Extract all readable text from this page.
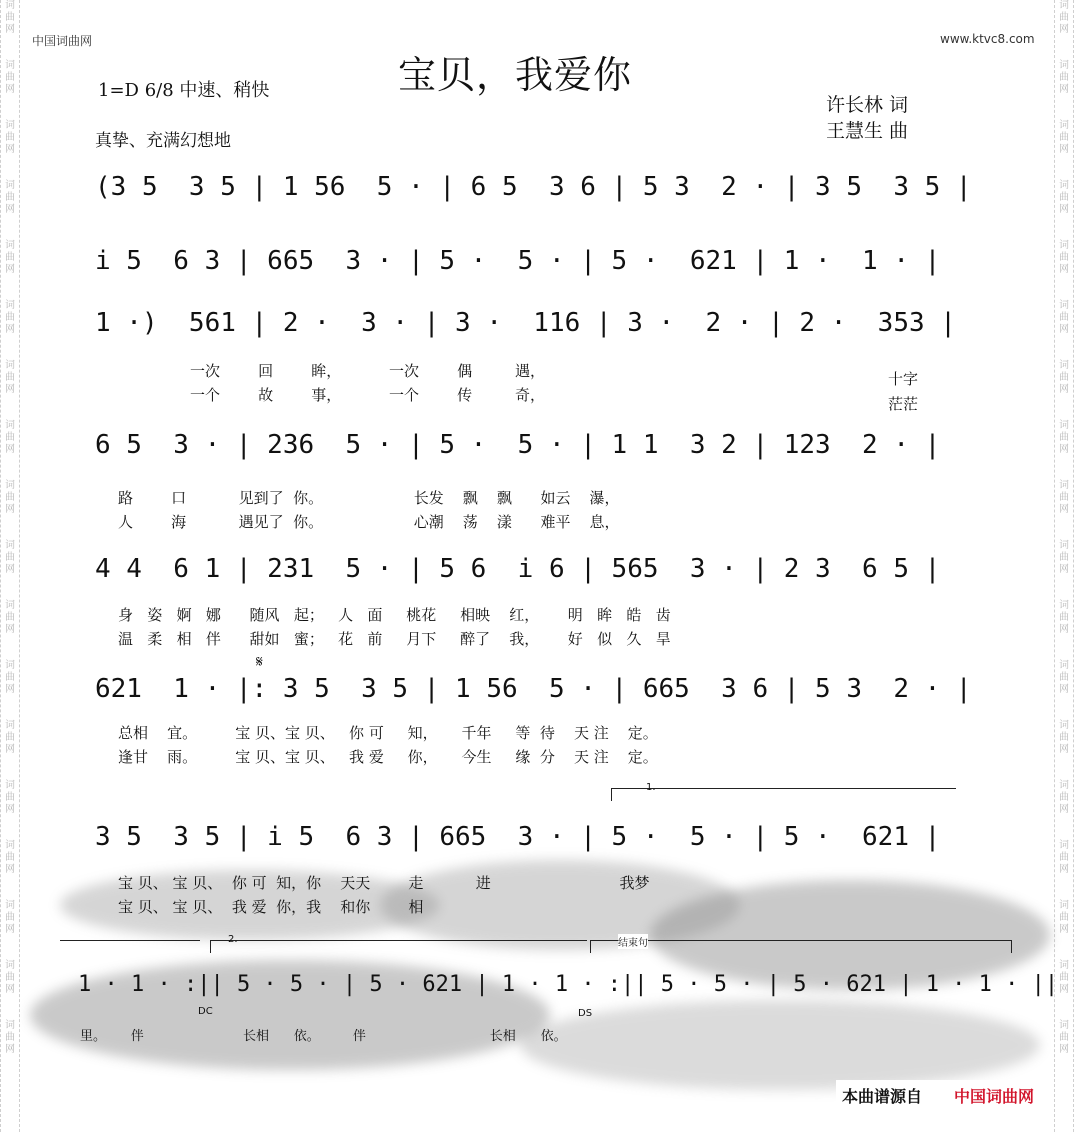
词
曲
网
词
曲
网
词
曲
网
词
曲
网
词
曲
网
词
曲
网
词
曲
网
词
曲
网
词
曲
网
词
曲
网
词
曲
网
词
曲
网
词
曲
网
词
曲
网
词
曲
网
词
曲
网
词
曲
网
词
曲
网
词
曲
网
词
曲
网
词
曲
网
词
曲
网
词
曲
网
词
曲
网
词
曲
网
词
曲
网
词
曲
网
词
曲
网
词
曲
网
词
曲
网
词
曲
网
词
曲
网
词
曲
网
词
曲
网
词
曲
网
词
曲
网
中国词曲网	www.ktvc8.com
宝贝，我爱你
1=D 6/8 中速、稍快
真挚、充满幻想地
许长林 词
王慧生 曲
(3 5  3 5 | 1 56  5 · | 6 5  3 6 | 5 3  2 · | 3 5  3 5 |
i 5  6 3 | 665  3 · | 5 ·  5 · | 5 ·  621 | 1 ·  1 · |
1 ·)  561 | 2 ·  3 · | 3 ·  116 | 3 ·  2 · | 2 ·  353 |
一次        回        眸，          一次        偶         遇，
一个        故        事，          一个        传         奇，
十字
茫茫
6 5  3 · | 236  5 · | 5 ·  5 · | 1 1  3 2 | 123  2 · |
路        口           见到了  你。                   长发    飘    飘      如云    瀑，
人        海           遇见了  你。                   心潮    荡    漾      难平    息，
4 4  6 1 | 231  5 · | 5 6  i 6 | 565  3 · | 2 3  6 5 |
身   姿   婀   娜      随风   起；   人   面     桃花     相映    红，      明   眸   皓   齿
温   柔   相   伴      甜如   蜜；   花   前     月下     醉了    我，      好   似   久   旱
𝄋
621  1 · |: 3 5  3 5 | 1 56  5 · | 665  3 6 | 5 3  2 · |
总相    宜。        宝 贝、宝 贝、   你 可     知，     千年     等  待    天 注    定。
逢甘    雨。        宝 贝、宝 贝、   我 爱     你，     今生     缘  分    天 注    定。
1.
3 5  3 5 | i 5  6 3 | 665  3 · | 5 ·  5 · | 5 ·  621 |
宝 贝、 宝 贝、  你 可  知，你    天天        走           进                           我梦
宝 贝、 宝 贝、  我 爱  你，我    和你        相
2.	结束句
1 · 1 · :|| 5 · 5 · | 5 · 621 | 1 · 1 · :|| 5 · 5 · | 5 · 621 | 1 · 1 · ||
DC	DS
里。      伴                        长相      依。        伴                              长相      依。
本曲谱源自 中国词曲网
